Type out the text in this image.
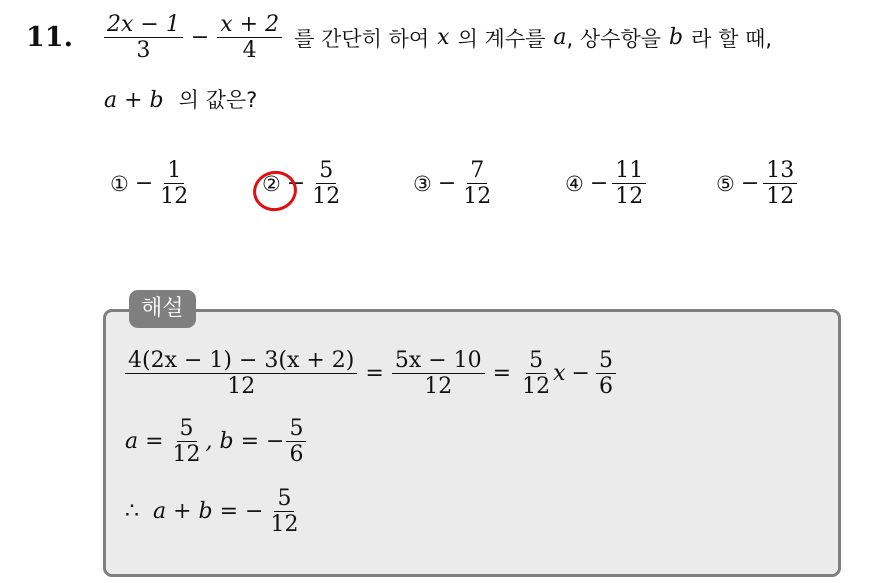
11. $\frac{2x - 1}{3} - \frac{x + 2}{4}$ 를 간단히 하여 x 의 계수를 a , 상수항을 b 라 할 때,
a + b 의 값은?
① − $\frac{1}{12}$	② − $\frac{5}{12}$	③ − $\frac{7}{12}$	④ − $\frac{11}{12}$	⑤ − $\frac{13}{12}$
해설
$\frac{4(2x - 1) - 3(x + 2)}{12} = \frac{5x - 10}{12} = \frac{5}{12}$ $x - \frac{5}{6}$
$a = \frac{5}{12}$ , b = − $\frac{5}{6}$
∴ a + b = − $\frac{5}{12}$
